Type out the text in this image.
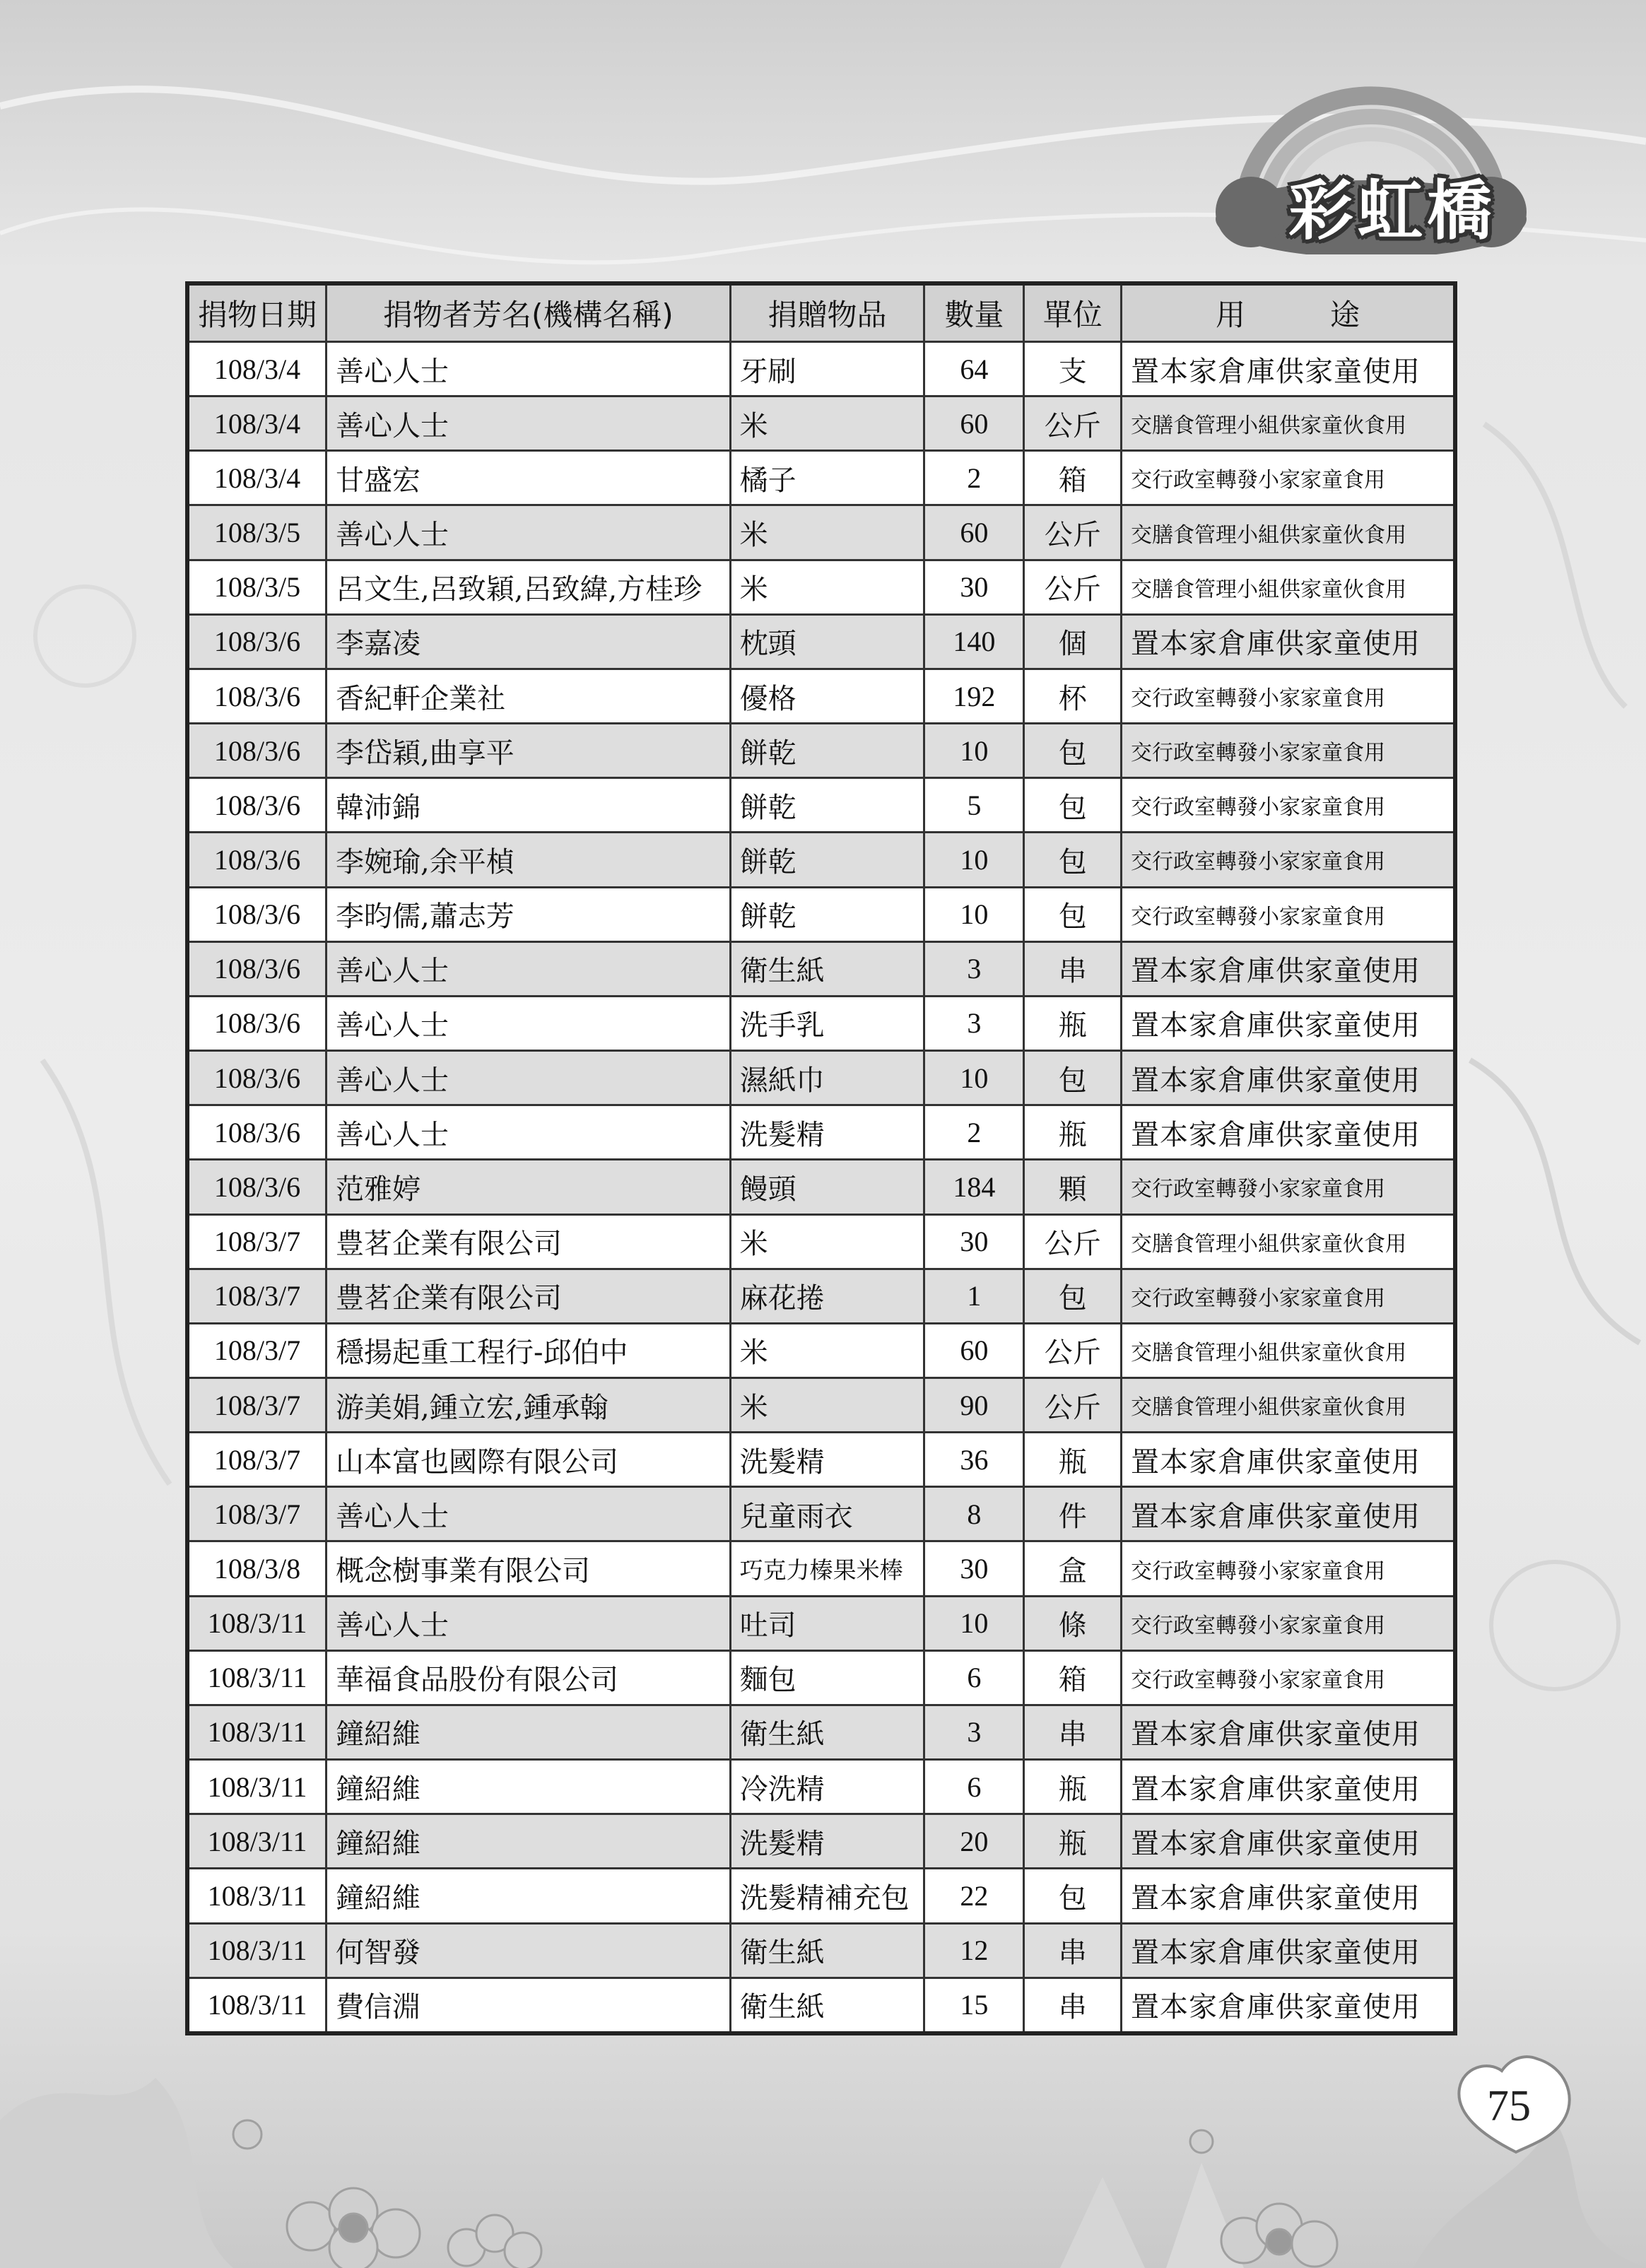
彩虹橋
捐物日期	捐物者芳名(機構名稱)	捐贈物品	數量	單位	用 途

108/3/4	善心人士	牙刷	64	支	置本家倉庫供家童使用
108/3/4	善心人士	米	60	公斤	交膳食管理小組供家童伙食用
108/3/4	甘盛宏	橘子	2	箱	交行政室轉發小家家童食用
108/3/5	善心人士	米	60	公斤	交膳食管理小組供家童伙食用
108/3/5	呂文生,呂致穎,呂致緯,方桂珍	米	30	公斤	交膳食管理小組供家童伙食用
108/3/6	李嘉凌	枕頭	140	個	置本家倉庫供家童使用
108/3/6	香紀軒企業社	優格	192	杯	交行政室轉發小家家童食用
108/3/6	李岱穎,曲享平	餅乾	10	包	交行政室轉發小家家童食用
108/3/6	韓沛錦	餅乾	5	包	交行政室轉發小家家童食用
108/3/6	李婉瑜,余平楨	餅乾	10	包	交行政室轉發小家家童食用
108/3/6	李昀儒,蕭志芳	餅乾	10	包	交行政室轉發小家家童食用
108/3/6	善心人士	衛生紙	3	串	置本家倉庫供家童使用
108/3/6	善心人士	洗手乳	3	瓶	置本家倉庫供家童使用
108/3/6	善心人士	濕紙巾	10	包	置本家倉庫供家童使用
108/3/6	善心人士	洗髮精	2	瓶	置本家倉庫供家童使用
108/3/6	范雅婷	饅頭	184	顆	交行政室轉發小家家童食用
108/3/7	豊茗企業有限公司	米	30	公斤	交膳食管理小組供家童伙食用
108/3/7	豊茗企業有限公司	麻花捲	1	包	交行政室轉發小家家童食用
108/3/7	穩揚起重工程行-邱伯中	米	60	公斤	交膳食管理小組供家童伙食用
108/3/7	游美娟,鍾立宏,鍾承翰	米	90	公斤	交膳食管理小組供家童伙食用
108/3/7	山本富也國際有限公司	洗髮精	36	瓶	置本家倉庫供家童使用
108/3/7	善心人士	兒童雨衣	8	件	置本家倉庫供家童使用
108/3/8	概念樹事業有限公司	巧克力榛果米棒	30	盒	交行政室轉發小家家童食用
108/3/11	善心人士	吐司	10	條	交行政室轉發小家家童食用
108/3/11	華福食品股份有限公司	麵包	6	箱	交行政室轉發小家家童食用
108/3/11	鐘紹維	衛生紙	3	串	置本家倉庫供家童使用
108/3/11	鐘紹維	冷洗精	6	瓶	置本家倉庫供家童使用
108/3/11	鐘紹維	洗髮精	20	瓶	置本家倉庫供家童使用
108/3/11	鐘紹維	洗髮精補充包	22	包	置本家倉庫供家童使用
108/3/11	何智發	衛生紙	12	串	置本家倉庫供家童使用
108/3/11	費信淵	衛生紙	15	串	置本家倉庫供家童使用
75
